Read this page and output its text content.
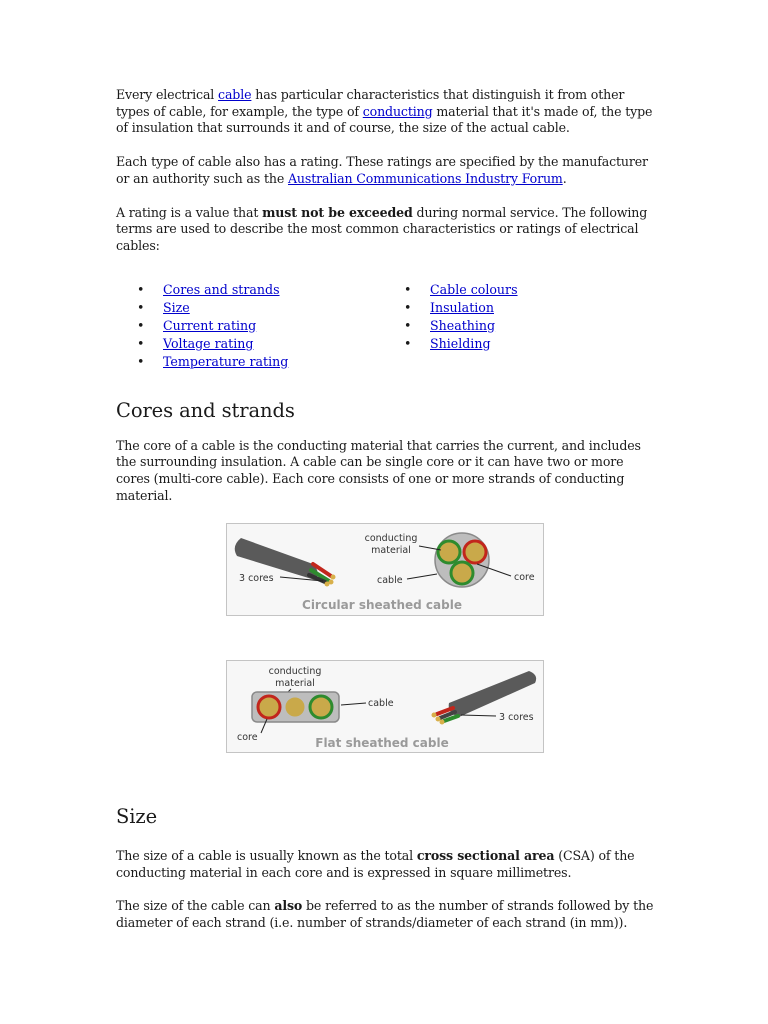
Every electrical cable has particular characteristics that distinguish it from other types of cable, for example, the type of conducting material that it's made of, the type of insulation that surrounds it and of course, the size of the actual cable.

Each type of cable also has a rating. These ratings are specified by the manufacturer or an authority such as the Australian Communications Industry Forum.

A rating is a value that must not be exceeded during normal service. The following terms are used to describe the most common characteristics or ratings of electrical cables:

• Cores and strands
• Size
• Current rating
• Voltage rating
• Temperature rating
• Cable colours
• Insulation
• Sheathing
• Shielding
Cores and strands

The core of a cable is the conducting material that carries the current, and includes the surrounding insulation. A cable can be single core or it can have two or more cores (multi-core cable). Each core consists of one or more strands of conducting material.

conducting
material
3 cores	cable	core
Circular sheathed cable
conducting
material
cable
core
3 cores
Flat sheathed cable
Size

The size of a cable is usually known as the total cross sectional area (CSA) of the conducting material in each core and is expressed in square millimetres.

The size of the cable can also be referred to as the number of strands followed by the diameter of each strand (i.e. number of strands/diameter of each strand (in mm)).
